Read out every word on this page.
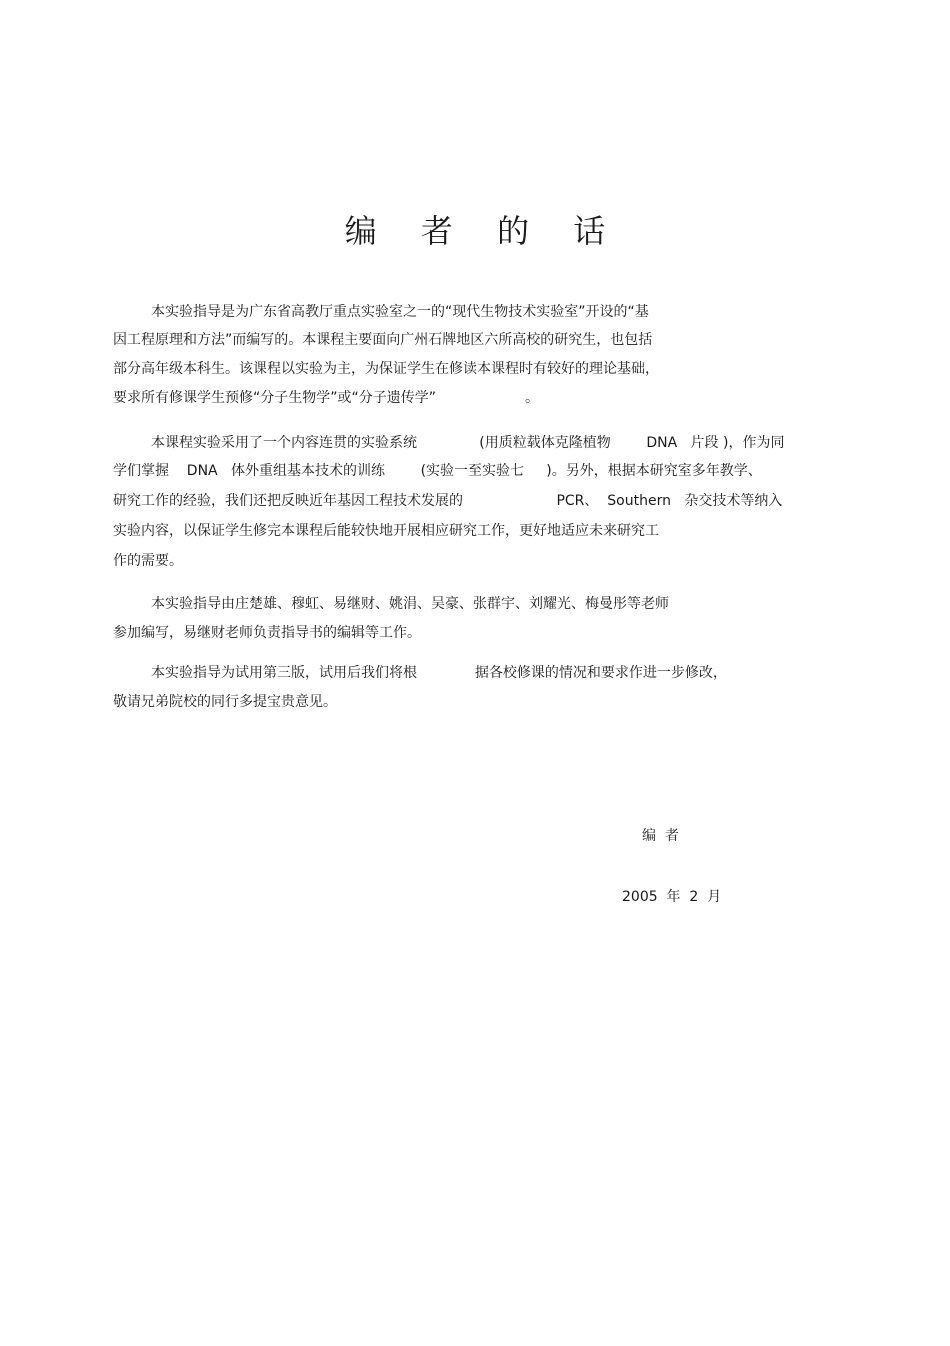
编 者 的 话
本实验指导是为广东省高教厅重点实验室之一的“现代生物技术实验室”开设的“基
因工程原理和方法”而编写的。本课程主要面向广州石牌地区六所高校的研究生，也包括
部分高年级本科生。该课程以实验为主，为保证学生在修读本课程时有较好的理论基础，
要求所有修课学生预修“分子生物学”或“分子遗传学”                    。
本课程实验采用了一个内容连贯的实验系统              (用质粒载体克隆植物        DNA   片段 )，作为同
学们掌握    DNA   体外重组基本技术的训练        (实验一至实验七     )。另外，根据本研究室多年教学、
研究工作的经验，我们还把反映近年基因工程技术发展的                     PCR、  Southern   杂交技术等纳入
实验内容，以保证学生修完本课程后能较快地开展相应研究工作，更好地适应未来研究工
作的需要。
本实验指导由庄楚雄、穆虹、易继财、姚涓、吴豪、张群宇、刘耀光、梅曼彤等老师
参加编写，易继财老师负责指导书的编辑等工作。
本实验指导为试用第三版，试用后我们将根             据各校修课的情况和要求作进一步修改，
敬请兄弟院校的同行多提宝贵意见。
编  者
2005  年  2  月
